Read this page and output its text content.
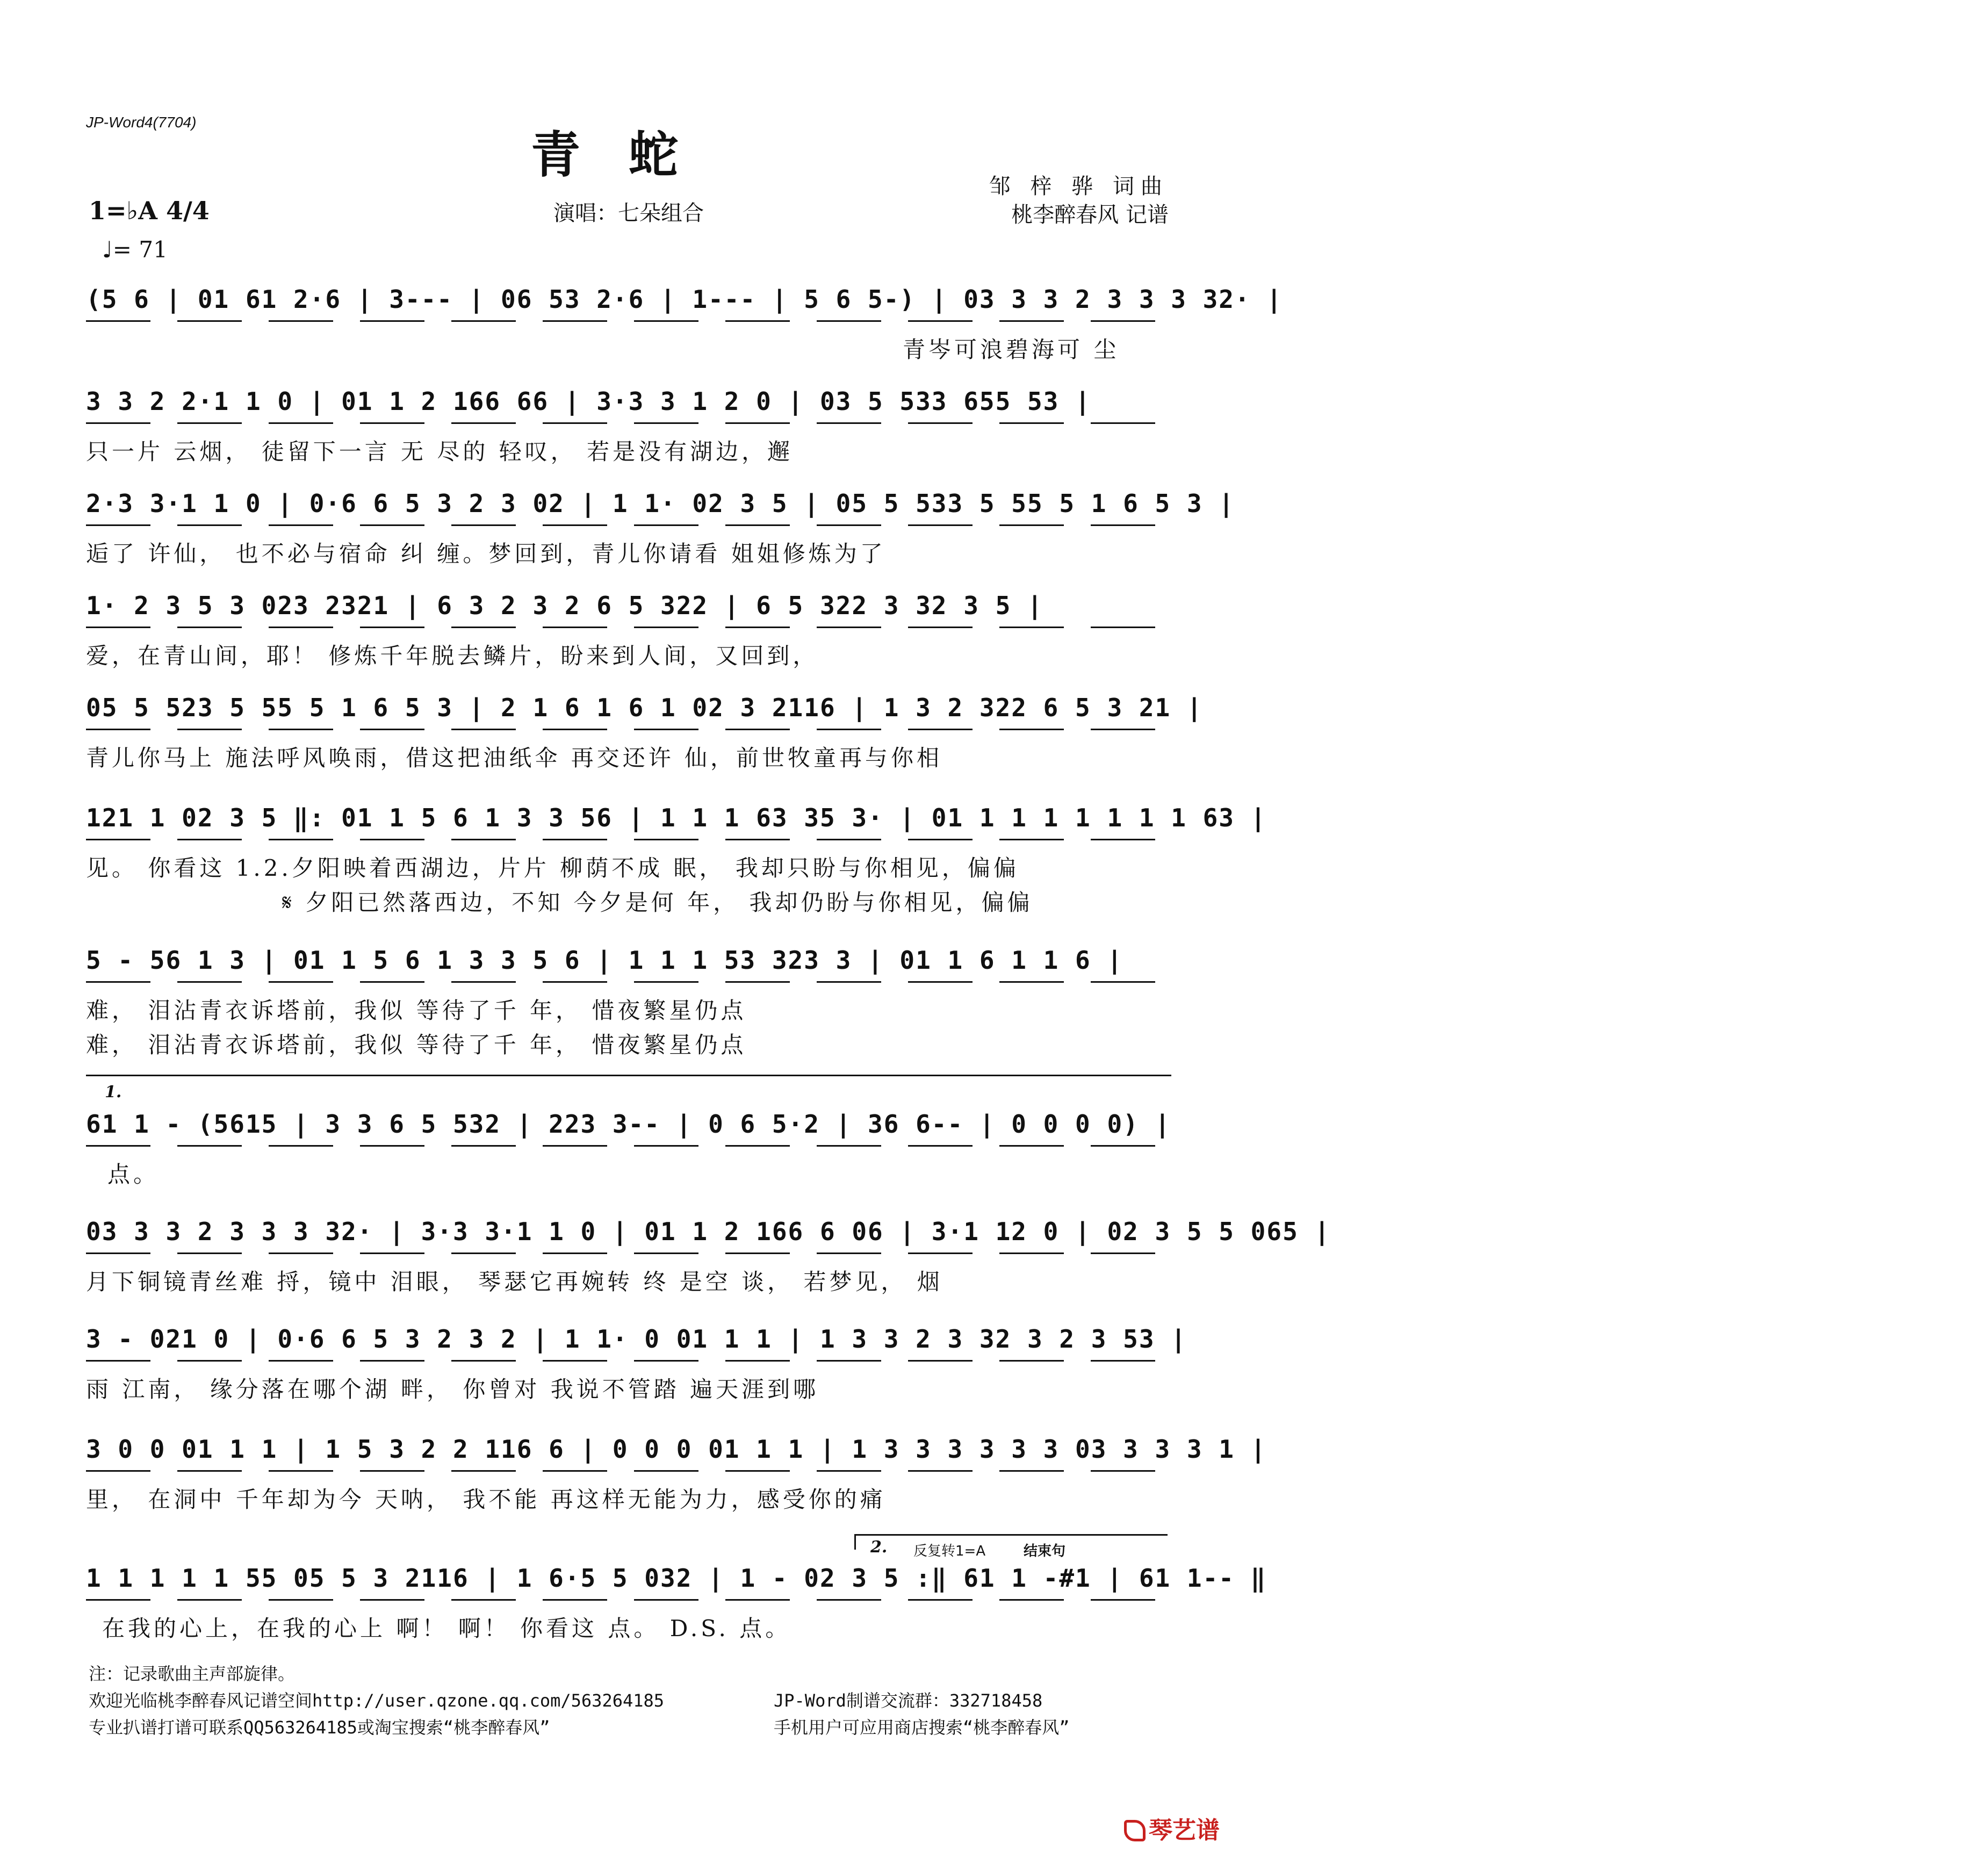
JP-Word4(7704)
青蛇
演唱：七朵组合
邹 梓 骅 词曲
桃李醉春风 记谱
1=♭A 4/4
♩= 71
(5 6 | 01 61 2·6 | 3--- | 06 53 2·6 | 1--- | 5 6 5-) | 03 3 3 2 3 3 3 32· |
青岑可浪碧海可 尘
3 3 2 2·1 1 0 | 01 1 2 166 66 | 3·3 3 1 2 0 | 03 5 533 655 53 |
只一片 云烟， 徒留下一言 无 尽的 轻叹， 若是没有湖边，邂
2·3 3·1 1 0 | 0·6 6 5 3 2 3 02 | 1 1· 02 3 5 | 05 5 533 5 55 5 1 6 5 3 |
逅了 许仙， 也不必与宿命 纠 缠。梦回到，青儿你请看 姐姐修炼为了
1· 2 3 5 3 023 2321 | 6 3 2 3 2 6 5 322 | 6 5 322 3 32 3 5 |
爱，在青山间，耶！ 修炼千年脱去鳞片，盼来到人间，又回到，
05 5 523 5 55 5 1 6 5 3 | 2 1 6 1 6 1 02 3 2116 | 1 3 2 322 6 5 3 21 |
青儿你马上 施法呼风唤雨，借这把油纸伞 再交还许 仙，前世牧童再与你相
121 1 02 3 5 ‖: 01 1 5 6 1 3 3 56 | 1 1 1 63 35 3· | 01 1 1 1 1 1 1 1 63 |
见。 你看这 1.2.夕阳映着西湖边，片片 柳荫不成 眠， 我却只盼与你相见，偏偏
𝄋 夕阳已然落西边，不知 今夕是何 年， 我却仍盼与你相见，偏偏
5 - 56 1 3 | 01 1 5 6 1 3 3 5 6 | 1 1 1 53 323 3 | 01 1 6 1 1 6 |
难， 泪沾青衣诉塔前，我似 等待了千 年， 惜夜繁星仍点
难， 泪沾青衣诉塔前，我似 等待了千 年， 惜夜繁星仍点
1.
61 1 - (5615 | 3 3 6 5 532 | 223 3-- | 0 6 5·2 | 36 6-- | 0 0 0 0) |
点。
03 3 3 2 3 3 3 32· | 3·3 3·1 1 0 | 01 1 2 166 6 06 | 3·1 12 0 | 02 3 5 5 065 |
月下铜镜青丝难 捋，镜中 泪眼， 琴瑟它再婉转 终 是空 谈， 若梦见， 烟
3 - 021 0 | 0·6 6 5 3 2 3 2 | 1 1· 0 01 1 1 | 1 3 3 2 3 32 3 2 3 53 |
雨 江南， 缘分落在哪个湖 畔， 你曾对 我说不管踏 遍天涯到哪
3 0 0 01 1 1 | 1 5 3 2 2 116 6 | 0 0 0 01 1 1 | 1 3 3 3 3 3 3 03 3 3 3 1 |
里， 在洞中 千年却为今 天呐， 我不能 再这样无能为力，感受你的痛
2. 反复转1=A	结束句
1 1 1 1 1 55 05 5 3 2116 | 1 6·5 5 032 | 1 - 02 3 5 :‖ 61 1 -#1 | 61 1-- ‖
在我的心上，在我的心上 啊！ 啊！ 你看这 点。 D.S. 点。
注：记录歌曲主声部旋律。
欢迎光临桃李醉春风记谱空间http://user.qzone.qq.com/563264185	JP-Word制谱交流群：332718458
专业扒谱打谱可联系QQ563264185或淘宝搜索“桃李醉春风”	手机用户可应用商店搜索“桃李醉春风”
琴艺谱
